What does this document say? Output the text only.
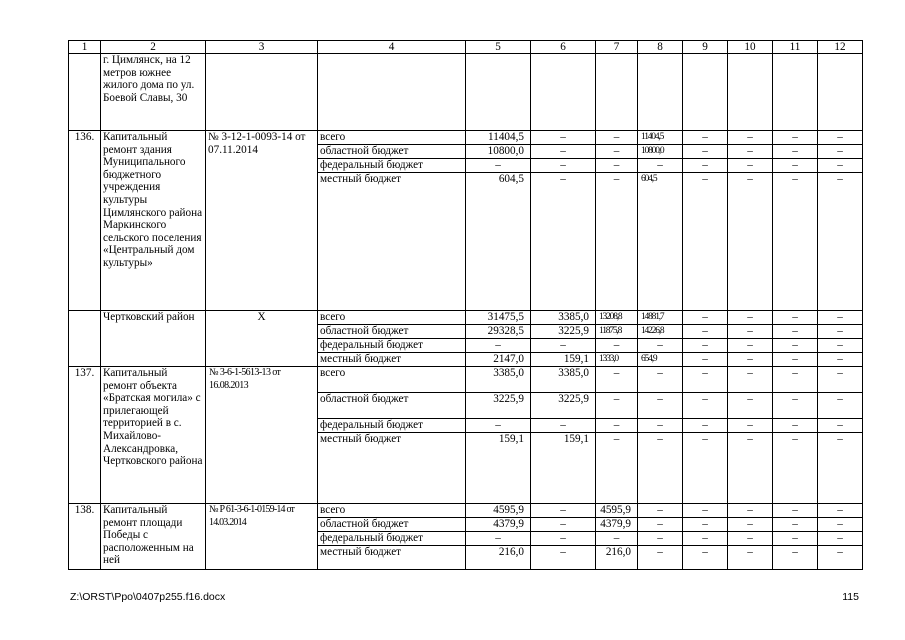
1	2	3	4	5	6	7	8	9	10	11	12
	г. Цимлянск, на 12 метров южнее жилого дома по ул. Боевой Славы, 30										
136.	Капитальный ремонт здания Муниципального бюджетного учреждения культуры Цимлянского района Маркинского сельского поселения «Центральный дом культуры»	№ 3-12-1-0093-14 от 07.11.2014	всего	11404,5	–	–	11404,5	–	–	–	–
			областной бюджет	10800,0	–	–	10800,0	–	–	–	–
			федеральный бюджет	–	–	–	–	–	–	–	–
			местный бюджет	604,5	–	–	604,5	–	–	–	–
	Чертковский район	Х	всего	31475,5	3385,0	13208,8	14881,7	–	–	–	–
			областной бюджет	29328,5	3225,9	11875,8	14226,8	–	–	–	–
			федеральный бюджет	–	–	–	–	–	–	–	–
			местный бюджет	2147,0	159,1	1333,0	654,9	–	–	–	–
137.	Капитальный ремонт объекта «Братская могила» с прилегающей территорией в с. Михайлово-Александровка, Чертковского района	№ 3-6-1-5613-13 от 16.08.2013	всего	3385,0	3385,0	–	–	–	–	–	–
			областной бюджет	3225,9	3225,9	–	–	–	–	–	–
			федеральный бюджет	–	–	–	–	–	–	–	–
			местный бюджет	159,1	159,1	–	–	–	–	–	–
138.	Капитальный ремонт площади Победы с расположенным на ней	№ Р 61-3-6-1-0159-14 от 14.03.2014	всего	4595,9	–	4595,9	–	–	–	–	–
			областной бюджет	4379,9	–	4379,9	–	–	–	–	–
			федеральный бюджет	–	–	–	–	–	–	–	–
			местный бюджет	216,0	–	216,0	–	–	–	–	–
Z:\ORST\Ppo\0407p255.f16.docx	115
